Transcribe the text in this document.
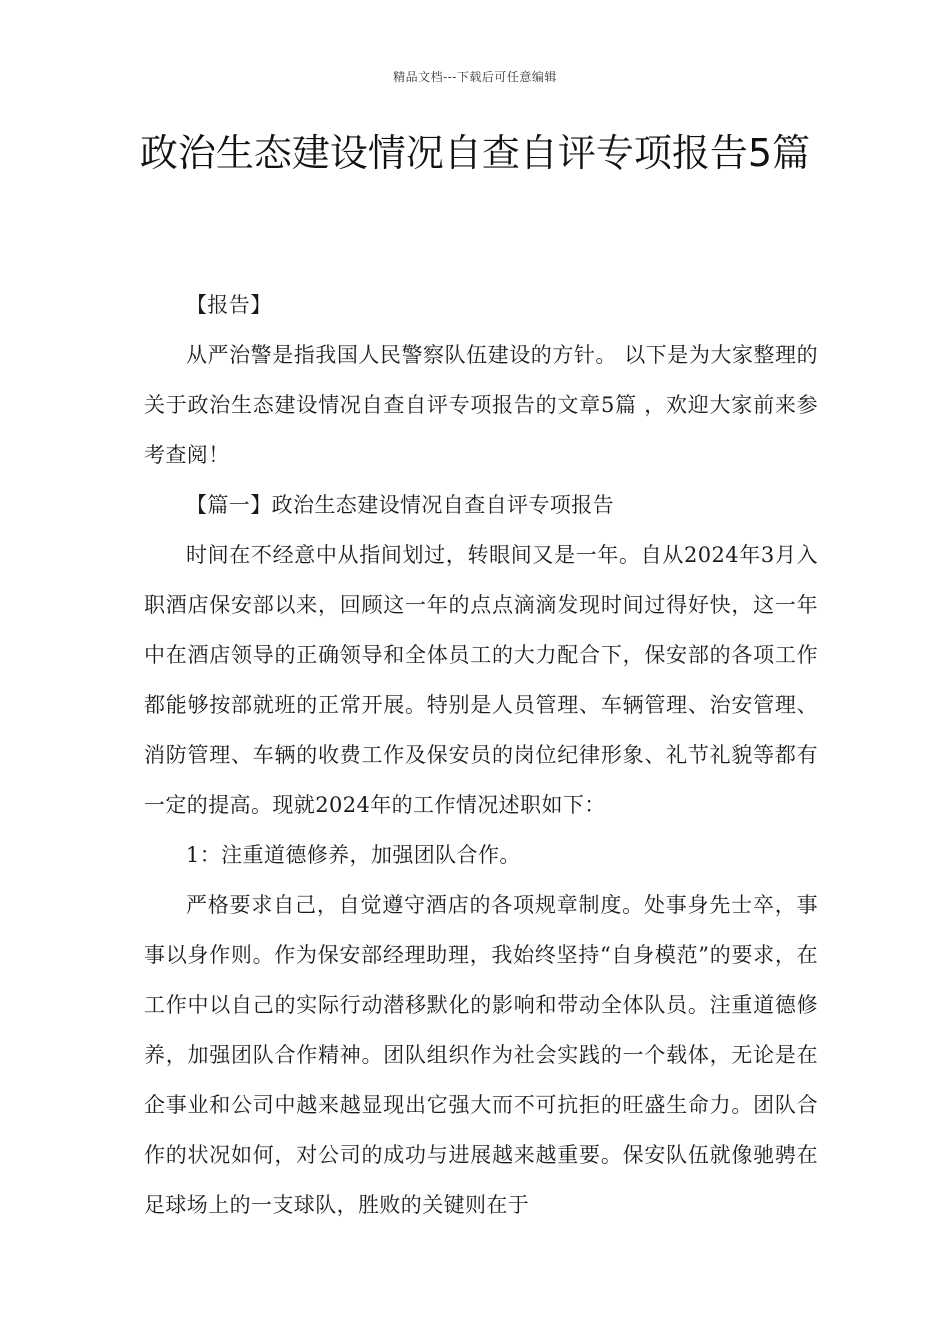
精品文档---下载后可任意编辑
政治生态建设情况自查自评专项报告5篇

【报告】

从严治警是指我国人民警察队伍建设的方针。 以下是为大家整理的关于政治生态建设情况自查自评专项报告的文章5篇 ，欢迎大家前来参考查阅！

【篇一】政治生态建设情况自查自评专项报告

时间在不经意中从指间划过，转眼间又是一年。自从2024年3月入职酒店保安部以来，回顾这一年的点点滴滴发现时间过得好快，这一年中在酒店领导的正确领导和全体员工的大力配合下，保安部的各项工作都能够按部就班的正常开展。特别是人员管理、车辆管理、治安管理、消防管理、车辆的收费工作及保安员的岗位纪律形象、礼节礼貌等都有一定的提高。现就2024年的工作情况述职如下：

1：注重道德修养，加强团队合作。

严格要求自己，自觉遵守酒店的各项规章制度。处事身先士卒，事事以身作则。作为保安部经理助理，我始终坚持“自身模范”的要求，在工作中以自己的实际行动潜移默化的影响和带动全体队员。注重道德修养，加强团队合作精神。团队组织作为社会实践的一个载体，无论是在企事业和公司中越来越显现出它强大而不可抗拒的旺盛生命力。团队合作的状况如何，对公司的成功与进展越来越重要。保安队伍就像驰骋在足球场上的一支球队，胜败的关键则在于
